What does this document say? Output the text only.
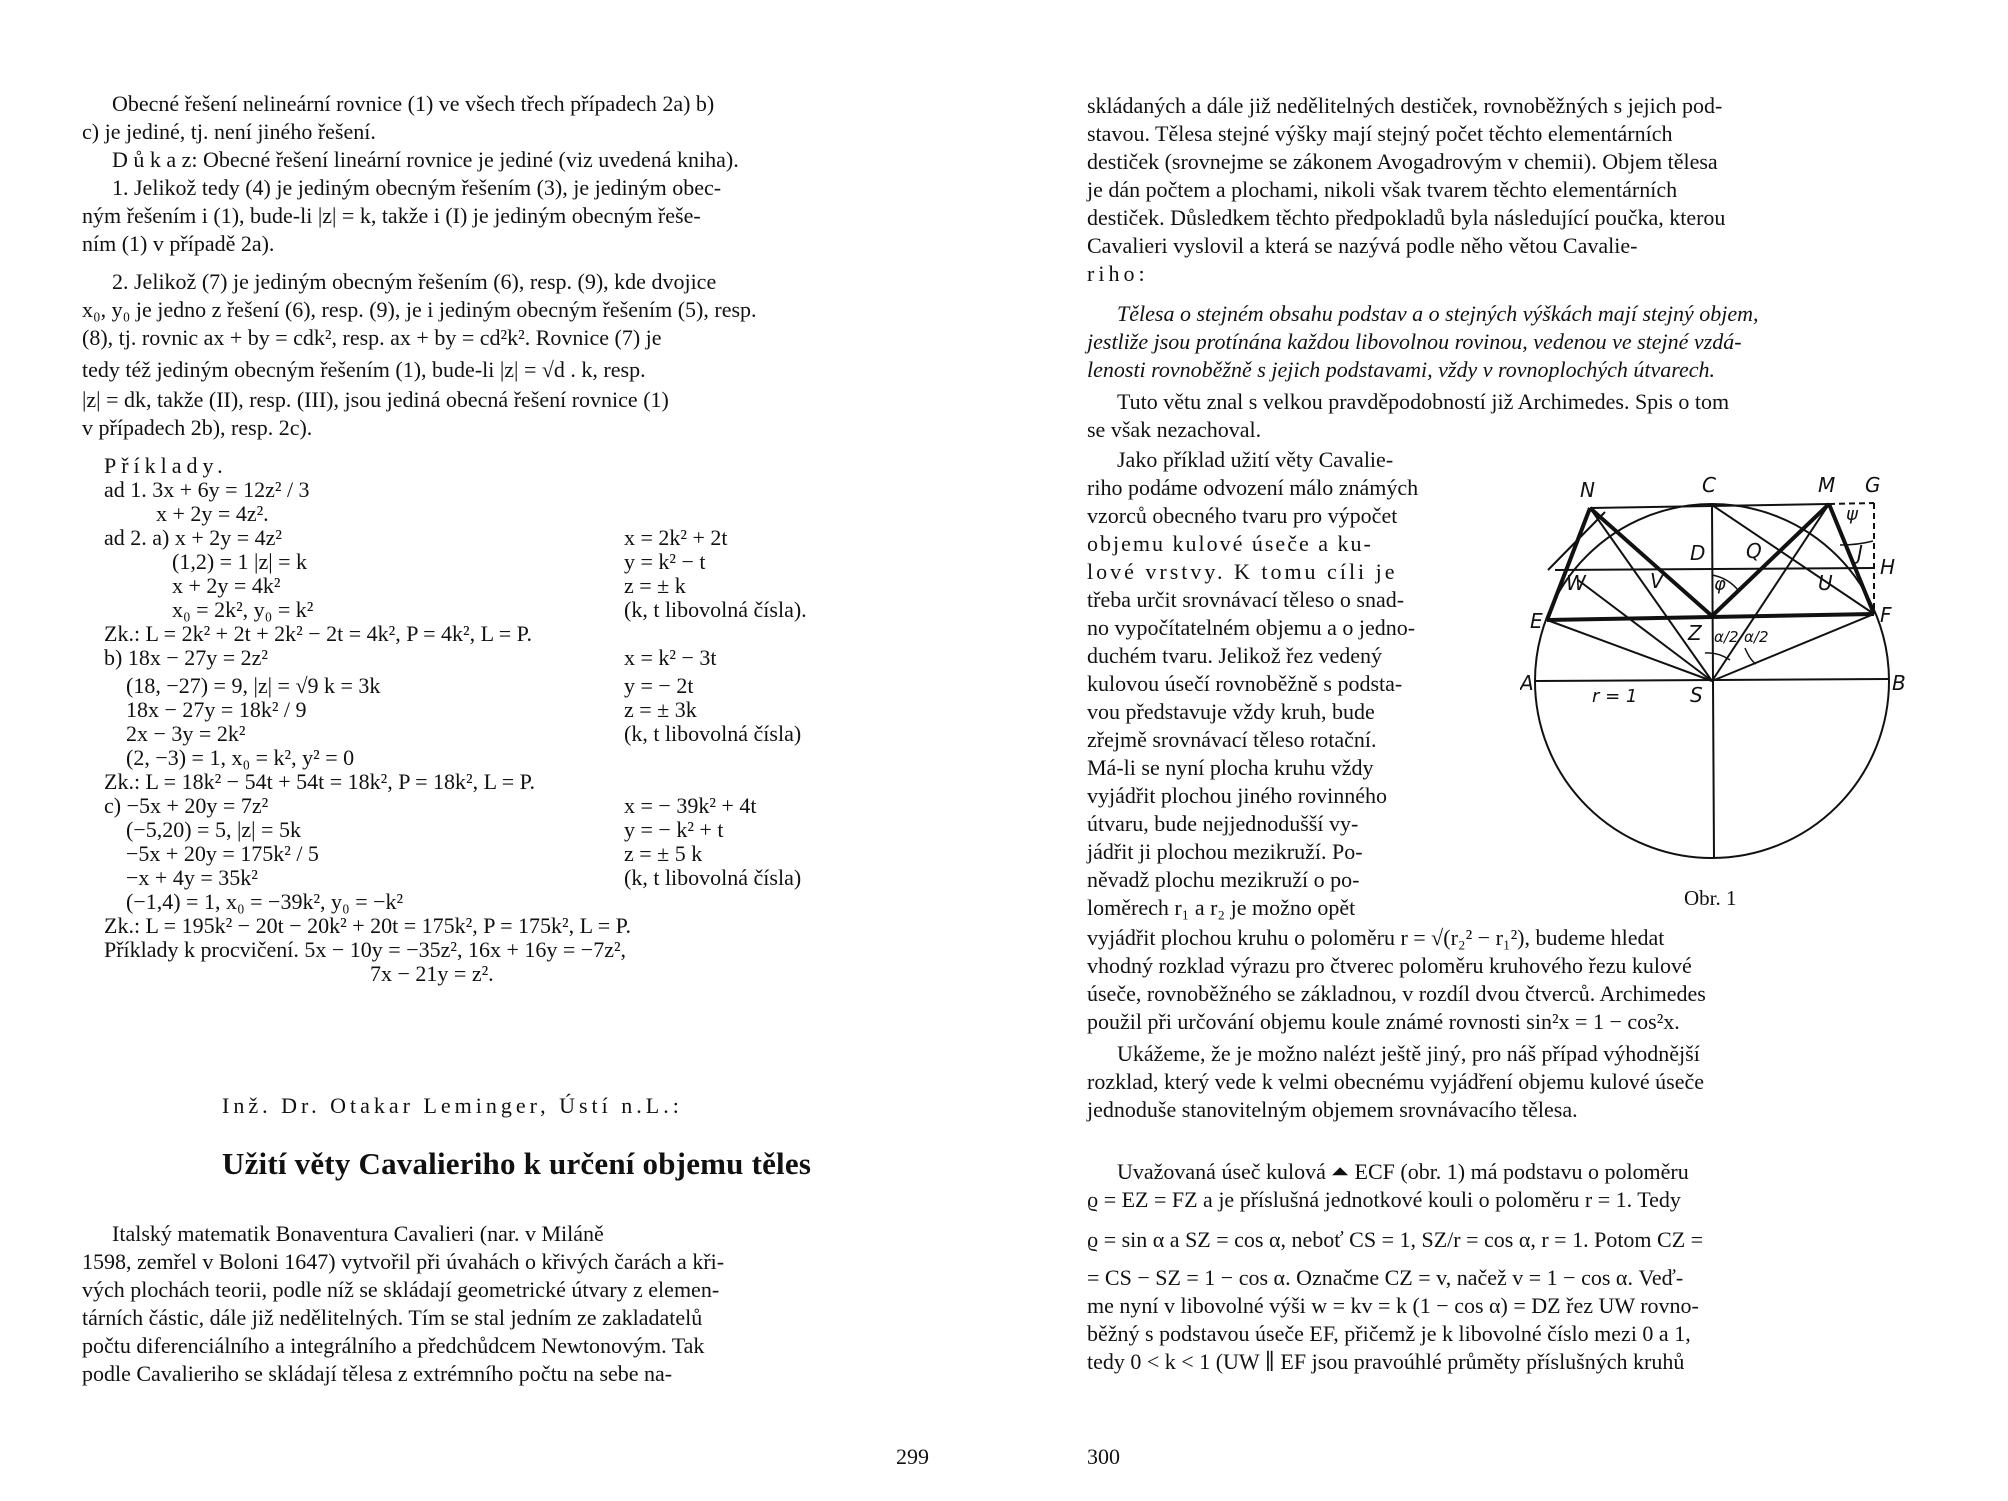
Obecné řešení nelineární rovnice (1) ve všech třech případech 2a) b)
c) je jediné, tj. není jiného řešení.
D ů k a z: Obecné řešení lineární rovnice je jediné (viz uvedená kniha).
1. Jelikož tedy (4) je jediným obecným řešením (3), je jediným obec-
ným řešením i (1), bude-li |z| = k, takže i (I) je jediným obecným řeše-
ním (1) v případě 2a).
2. Jelikož (7) je jediným obecným řešením (6), resp. (9), kde dvojice
x₀, y₀ je jedno z řešení (6), resp. (9), je i jediným obecným řešením (5), resp.
(8), tj. rovnic ax + by = cdk², resp. ax + by = cd²k². Rovnice (7) je
tedy též jediným obecným řešením (1), bude-li |z| = √d . k, resp.
|z| = dk, takže (II), resp. (III), jsou jediná obecná řešení rovnice (1)
v případech 2b), resp. 2c).
Příklady.
ad 1. 3x + 6y = 12z² / 3
x + 2y = 4z².
ad 2. a) x + 2y = 4z²	x = 2k² + 2t
(1,2) = 1 |z| = k	y = k² − t
x + 2y = 4k²	z = ± k
x₀ = 2k², y₀ = k²	(k, t libovolná čísla).
Zk.: L = 2k² + 2t + 2k² − 2t = 4k², P = 4k², L = P.
b) 18x − 27y = 2z²	x = k² − 3t
(18, −27) = 9, |z| = √9 k = 3k	y = − 2t
18x − 27y = 18k² / 9	z = ± 3k
2x − 3y = 2k²	(k, t libovolná čísla)
(2, −3) = 1, x₀ = k², y² = 0
Zk.: L = 18k² − 54t + 54t = 18k², P = 18k², L = P.
c) −5x + 20y = 7z²	x = − 39k² + 4t
(−5,20) = 5, |z| = 5k	y = − k² + t
−5x + 20y = 175k² / 5	z = ± 5 k
−x + 4y = 35k²	(k, t libovolná čísla)
(−1,4) = 1, x₀ = −39k², y₀ = −k²
Zk.: L = 195k² − 20t − 20k² + 20t = 175k², P = 175k², L = P.
Příklady k procvičení. 5x − 10y = −35z², 16x + 16y = −7z²,
7x − 21y = z².
Inž. Dr. Otakar Leminger, Ústí n.L.:
Užití věty Cavalieriho k určení objemu těles
Italský matematik Bonaventura Cavalieri (nar. v Miláně
1598, zemřel v Boloni 1647) vytvořil při úvahách o křivých čarách a kři-
vých plochách teorii, podle níž se skládají geometrické útvary z elemen-
tárních částic, dále již nedělitelných. Tím se stal jedním ze zakladatelů
počtu diferenciálního a integrálního a předchůdcem Newtonovým. Tak
podle Cavalieriho se skládají tělesa z extrémního počtu na sebe na-
299
skládaných a dále již nedělitelných destiček, rovnoběžných s jejich pod-
stavou. Tělesa stejné výšky mají stejný počet těchto elementárních
destiček (srovnejme se zákonem Avogadrovým v chemii). Objem tělesa
je dán počtem a plochami, nikoli však tvarem těchto elementárních
destiček. Důsledkem těchto předpokladů byla následující poučka, kterou
Cavalieri vyslovil a která se nazývá podle něho větou Cavalie-
riho:
Tělesa o stejném obsahu podstav a o stejných výškách mají stejný objem,
jestliže jsou protínána každou libovolnou rovinou, vedenou ve stejné vzdá-
lenosti rovnoběžně s jejich podstavami, vždy v rovnoplochých útvarech.
Tuto větu znal s velkou pravděpodobností již Archimedes. Spis o tom
se však nezachoval.
Jako příklad užití věty Cavalie-
riho podáme odvození málo známých
vzorců obecného tvaru pro výpočet
objemu kulové úseče a ku-
lové vrstvy. K tomu cíli je
třeba určit srovnávací těleso o snad-
no vypočítatelném objemu a o jedno-
duchém tvaru. Jelikož řez vedený
kulovou úsečí rovnoběžně s podsta-
vou představuje vždy kruh, bude
zřejmě srovnávací těleso rotační.
Má-li se nyní plocha kruhu vždy
vyjádřit plochou jiného rovinného
útvaru, bude nejjednodušší vy-
jádřit ji plochou mezikruží. Po-
něvadž plochu mezikruží o po-
loměrech r₁ a r₂ je možno opět
vyjádřit plochou kruhu o poloměru r = √(r₂² − r₁²), budeme hledat
vhodný rozklad výrazu pro čtverec poloměru kruhového řezu kulové
úseče, rovnoběžného se základnou, v rozdíl dvou čtverců. Archimedes
použil při určování objemu koule známé rovnosti sin²x = 1 − cos²x.
Ukážeme, že je možno nalézt ještě jiný, pro náš případ výhodnější
rozklad, který vede k velmi obecnému vyjádření objemu kulové úseče
jednoduše stanovitelným objemem srovnávacího tělesa.
Uvažovaná úseč kulová ⏶ ECF (obr. 1) má podstavu o poloměru
ϱ = EZ = FZ a je příslušná jednotkové kouli o poloměru r = 1. Tedy
ϱ = sin α a SZ = cos α, neboť CS = 1, SZ/r = cos α, r = 1. Potom CZ =
= CS − SZ = 1 − cos α. Označme CZ = v, načež v = 1 − cos α. Veď-
me nyní v libovolné výši w = kv = k (1 − cos α) = DZ řez UW rovno-
běžný s podstavou úseče EF, přičemž je k libovolné číslo mezi 0 a 1,
tedy 0 < k < 1 (UW ∥ EF jsou pravoúhlé průměty příslušných kruhů
300
N	C	M G
D Q
H
J
W	V	U
E	F
Z
A	B
S
r = 1
φ
ψ
α/2 α/2
Obr. 1
